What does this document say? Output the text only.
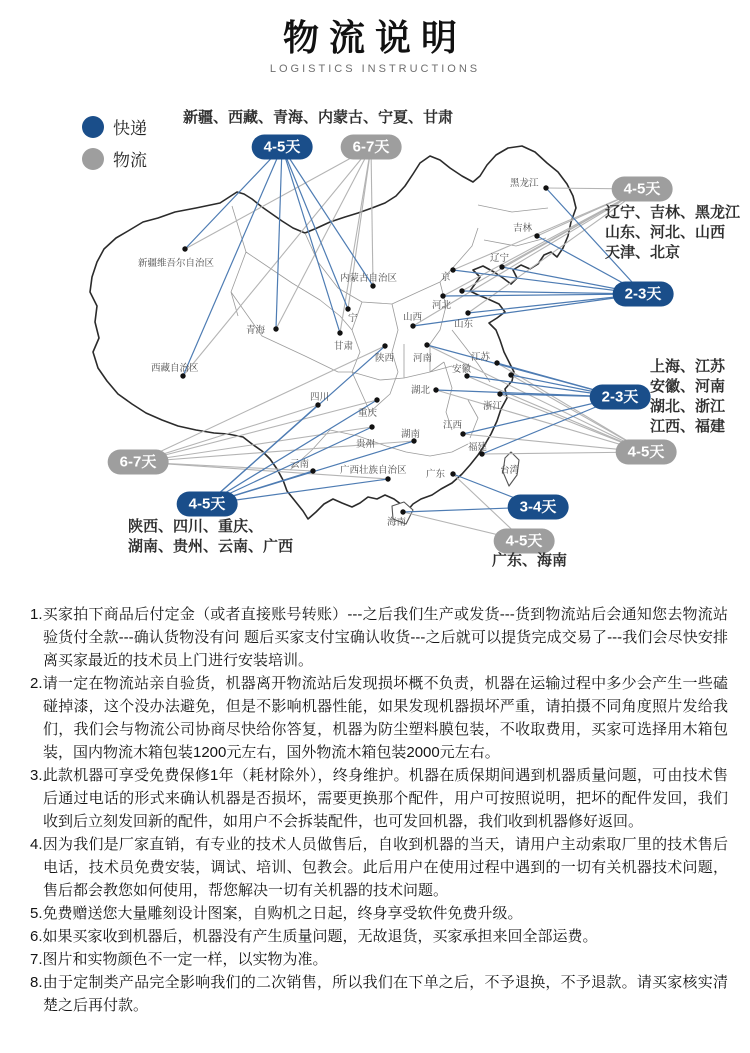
物流说明
LOGISTICS INSTRUCTIONS
新疆维吾尔自治区
西藏自治区
青海
甘肃
宁
内蒙古自治区
黑龙江
吉林
辽宁
京
河北
山西
山东
河南	江苏
安徽
湖北
浙江
江西
福建
陕西
四川
重庆
湖南
贵州
云南
广西壮族自治区 广东
海南
台湾
快递
物流
4-5天	6-7天
4-5天
2-3天
2-3天
4-5天
6-7天
4-5天	3-4天
4-5天
新疆、西藏、青海、内蒙古、宁夏、甘肃
辽宁、吉林、黑龙江
山东、河北、山西
天津、北京
上海、江苏
安徽、河南
湖北、浙江
江西、福建
陕西、四川、重庆、
湖南、贵州、云南、广西
广东、海南
1.买家拍下商品后付定金（或者直接账号转账）---之后我们生产或发货---货到物流站后会通知您去物流站验货付全款---确认货物没有问 题后买家支付宝确认收货---之后就可以提货完成交易了---我们会尽快安排离买家最近的技术员上门进行安装培训。
2.请一定在物流站亲自验货，机器离开物流站后发现损坏概不负责，机器在运输过程中多少会产生一些磕碰掉漆，这个没办法避免，但是不影响机器性能，如果发现机器损坏严重，请拍摄不同角度照片发给我们，我们会与物流公司协商尽快给你答复，机器为防尘塑料膜包装，不收取费用，买家可选择用木箱包装，国内物流木箱包装1200元左右，国外物流木箱包装2000元左右。
3.此款机器可享受免费保修1年（耗材除外），终身维护。机器在质保期间遇到机器质量问题，可由技术售后通过电话的形式来确认机器是否损坏，需要更换那个配件，用户可按照说明，把坏的配件发回，我们收到后立刻发回新的配件，如用户不会拆装配件，也可发回机器，我们收到机器修好返回。
4.因为我们是厂家直销，有专业的技术人员做售后，自收到机器的当天，请用户主动索取厂里的技术售后电话，技术员免费安装，调试、培训、包教会。此后用户在使用过程中遇到的一切有关机器技术问题，售后都会教您如何使用，帮您解决一切有关机器的技术问题。
5.免费赠送您大量雕刻设计图案，自购机之日起，终身享受软件免费升级。
6.如果买家收到机器后，机器没有产生质量问题，无故退货，买家承担来回全部运费。
7.图片和实物颜色不一定一样，以实物为准。
8.由于定制类产品完全影响我们的二次销售，所以我们在下单之后，不予退换，不予退款。请买家核实清楚之后再付款。
